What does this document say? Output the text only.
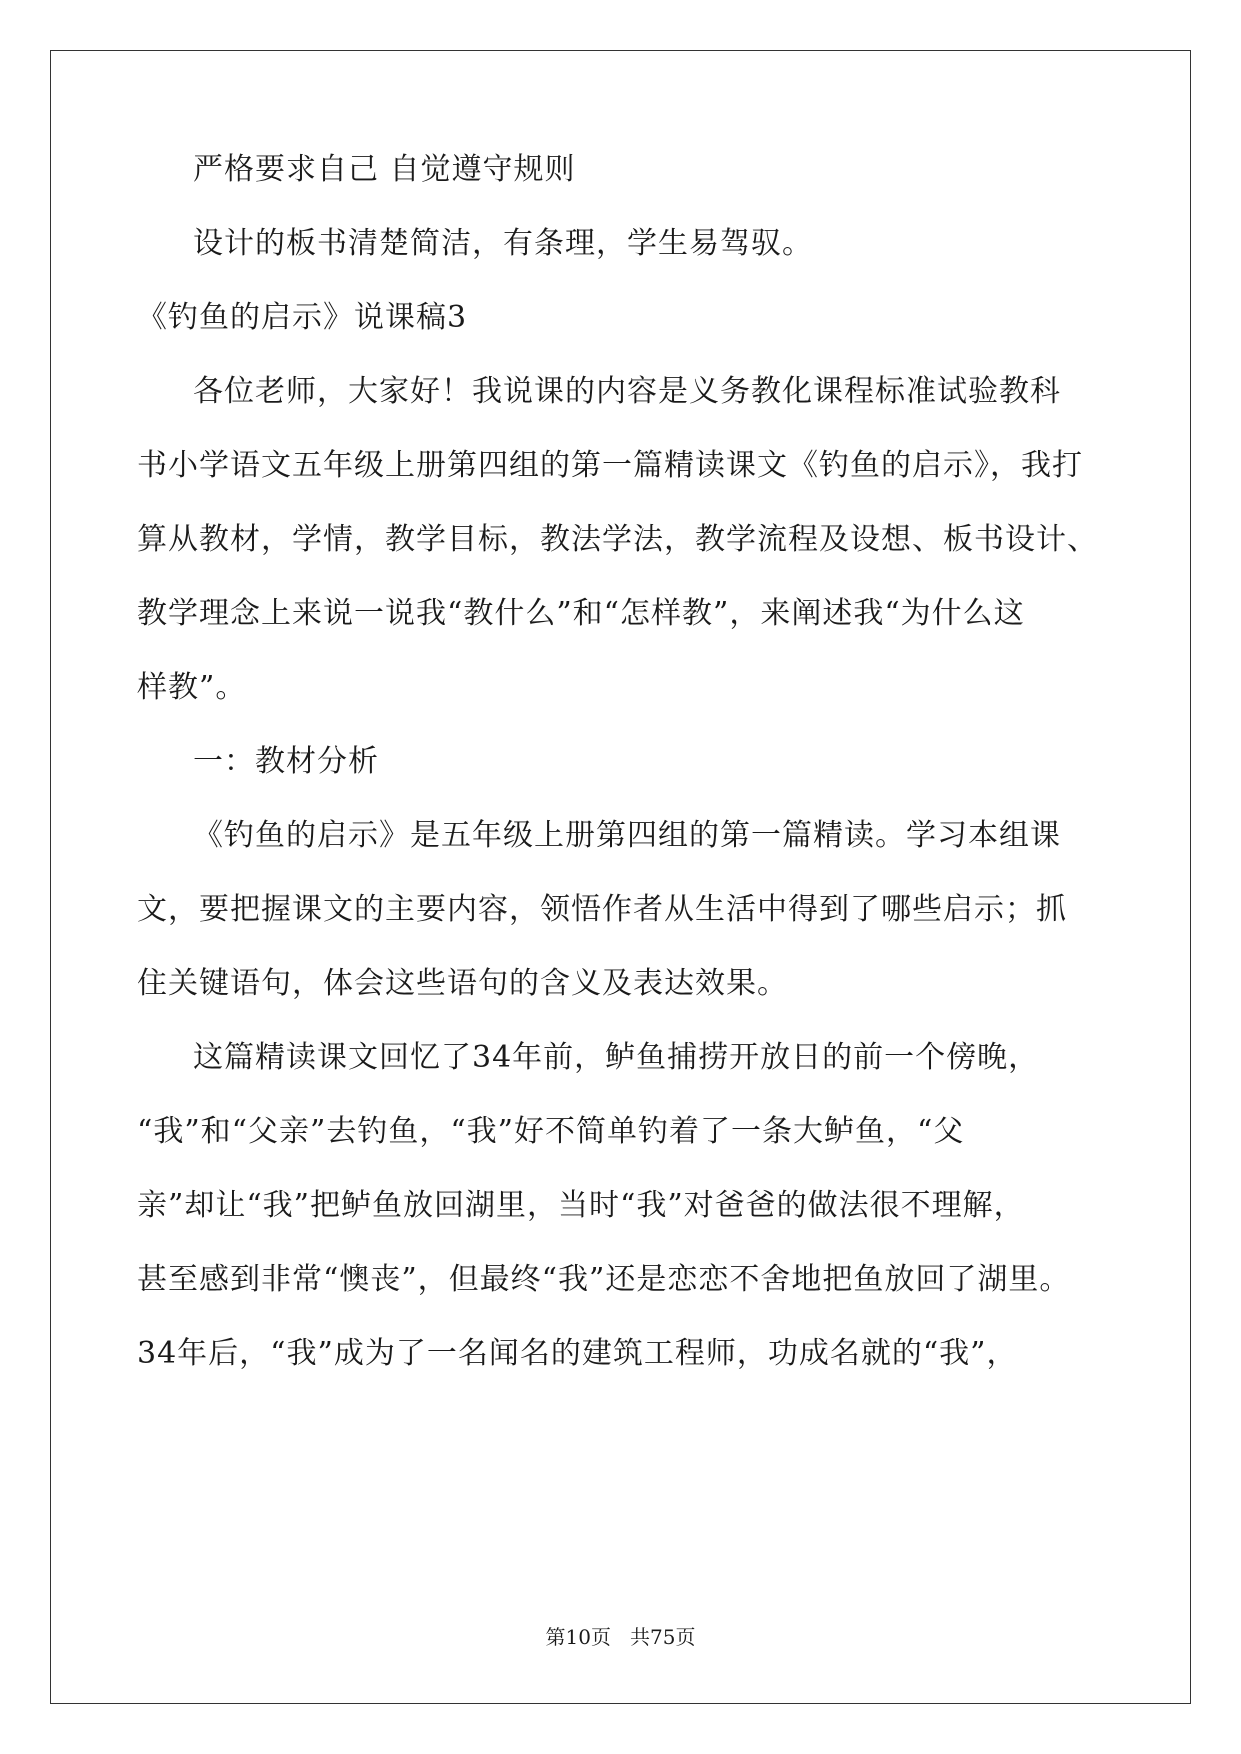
严格要求自己 自觉遵守规则
设计的板书清楚简洁，有条理，学生易驾驭。
《钓鱼的启示》说课稿3
各位老师，大家好！我说课的内容是义务教化课程标准试验教科
书小学语文五年级上册第四组的第一篇精读课文《钓鱼的启示》，我打
算从教材，学情，教学目标，教法学法，教学流程及设想、板书设计、
教学理念上来说一说我“教什么”和“怎样教”，来阐述我“为什么这
样教”。
一：教材分析
《钓鱼的启示》是五年级上册第四组的第一篇精读。学习本组课
文，要把握课文的主要内容，领悟作者从生活中得到了哪些启示；抓
住关键语句，体会这些语句的含义及表达效果。
这篇精读课文回忆了34年前，鲈鱼捕捞开放日的前一个傍晚，
“我”和“父亲”去钓鱼，“我”好不简单钓着了一条大鲈鱼，“父
亲”却让“我”把鲈鱼放回湖里，当时“我”对爸爸的做法很不理解，
甚至感到非常“懊丧”，但最终“我”还是恋恋不舍地把鱼放回了湖里。
34年后，“我”成为了一名闻名的建筑工程师，功成名就的“我”，
第10页   共75页
